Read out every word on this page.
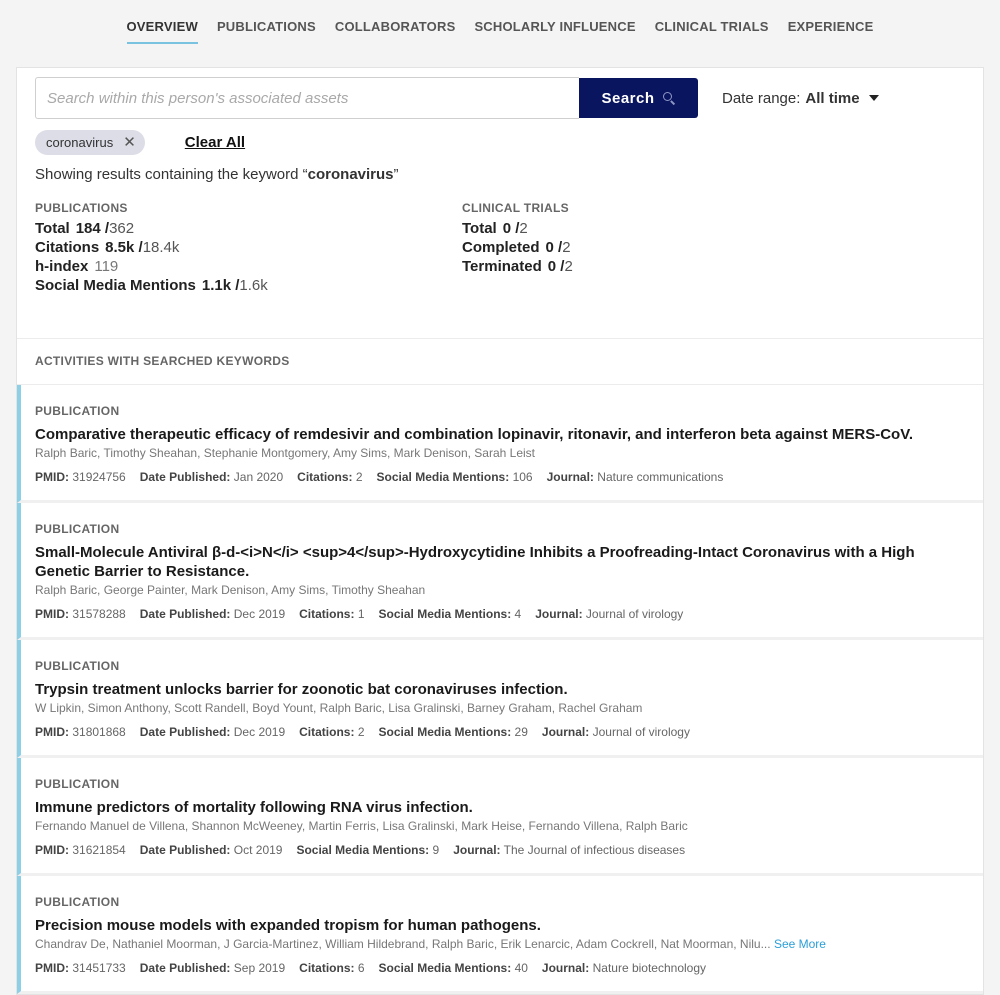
OVERVIEW PUBLICATIONS COLLABORATORS SCHOLARLY INFLUENCE CLINICAL TRIALS EXPERIENCE
Search within this person's associated assets
Search	Date range: All time
coronavirus ✕	Clear All
Showing results containing the keyword “coronavirus”
PUBLICATIONS
Total 184 /362
Citations 8.5k /18.4k
h-index 119
Social Media Mentions 1.1k /1.6k
CLINICAL TRIALS
Total 0 /2
Completed 0 /2
Terminated 0 /2
ACTIVITIES WITH SEARCHED KEYWORDS
PUBLICATION
Comparative therapeutic efficacy of remdesivir and combination lopinavir, ritonavir, and interferon beta against MERS-CoV.
Ralph Baric, Timothy Sheahan, Stephanie Montgomery, Amy Sims, Mark Denison, Sarah Leist
PMID: 31924756 Date Published: Jan 2020 Citations: 2 Social Media Mentions: 106 Journal: Nature communications
PUBLICATION
Small-Molecule Antiviral β-d-<i>N</i> <sup>4</sup>-Hydroxycytidine Inhibits a Proofreading-Intact Coronavirus with a High Genetic Barrier to Resistance.
Ralph Baric, George Painter, Mark Denison, Amy Sims, Timothy Sheahan
PMID: 31578288 Date Published: Dec 2019 Citations: 1 Social Media Mentions: 4 Journal: Journal of virology
PUBLICATION
Trypsin treatment unlocks barrier for zoonotic bat coronaviruses infection.
W Lipkin, Simon Anthony, Scott Randell, Boyd Yount, Ralph Baric, Lisa Gralinski, Barney Graham, Rachel Graham
PMID: 31801868 Date Published: Dec 2019 Citations: 2 Social Media Mentions: 29 Journal: Journal of virology
PUBLICATION
Immune predictors of mortality following RNA virus infection.
Fernando Manuel de Villena, Shannon McWeeney, Martin Ferris, Lisa Gralinski, Mark Heise, Fernando Villena, Ralph Baric
PMID: 31621854 Date Published: Oct 2019 Social Media Mentions: 9 Journal: The Journal of infectious diseases
PUBLICATION
Precision mouse models with expanded tropism for human pathogens.
Chandrav De, Nathaniel Moorman, J Garcia-Martinez, William Hildebrand, Ralph Baric, Erik Lenarcic, Adam Cockrell, Nat Moorman, Nilu... See More
PMID: 31451733 Date Published: Sep 2019 Citations: 6 Social Media Mentions: 40 Journal: Nature biotechnology
